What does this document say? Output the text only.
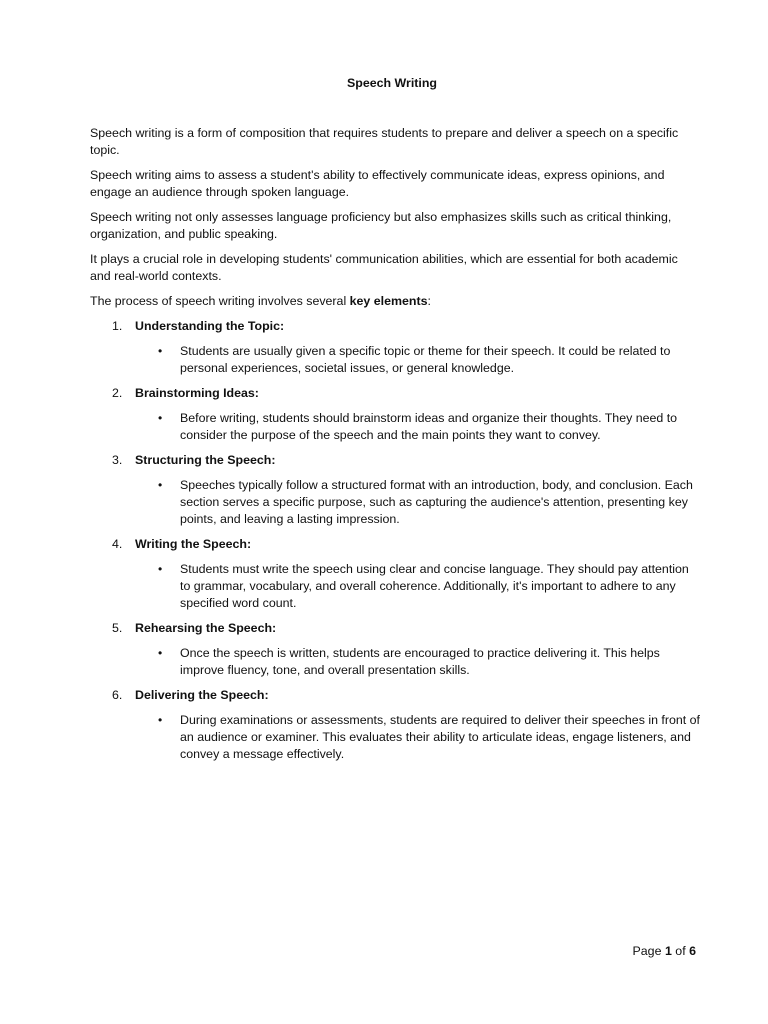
Speech Writing

Speech writing is a form of composition that requires students to prepare and deliver a speech on a specific topic.

Speech writing aims to assess a student's ability to effectively communicate ideas, express opinions, and engage an audience through spoken language.

Speech writing not only assesses language proficiency but also emphasizes skills such as critical thinking, organization, and public speaking.

It plays a crucial role in developing students' communication abilities, which are essential for both academic and real-world contexts.

The process of speech writing involves several key elements:

1. Understanding the Topic:
• Students are usually given a specific topic or theme for their speech. It could be related to personal experiences, societal issues, or general knowledge.
2. Brainstorming Ideas:
• Before writing, students should brainstorm ideas and organize their thoughts. They need to consider the purpose of the speech and the main points they want to convey.
3. Structuring the Speech:
• Speeches typically follow a structured format with an introduction, body, and conclusion. Each section serves a specific purpose, such as capturing the audience's attention, presenting key points, and leaving a lasting impression.
4. Writing the Speech:
• Students must write the speech using clear and concise language. They should pay attention to grammar, vocabulary, and overall coherence. Additionally, it's important to adhere to any specified word count.
5. Rehearsing the Speech:
• Once the speech is written, students are encouraged to practice delivering it. This helps improve fluency, tone, and overall presentation skills.
6. Delivering the Speech:
• During examinations or assessments, students are required to deliver their speeches in front of an audience or examiner. This evaluates their ability to articulate ideas, engage listeners, and convey a message effectively.
Page 1 of 6
